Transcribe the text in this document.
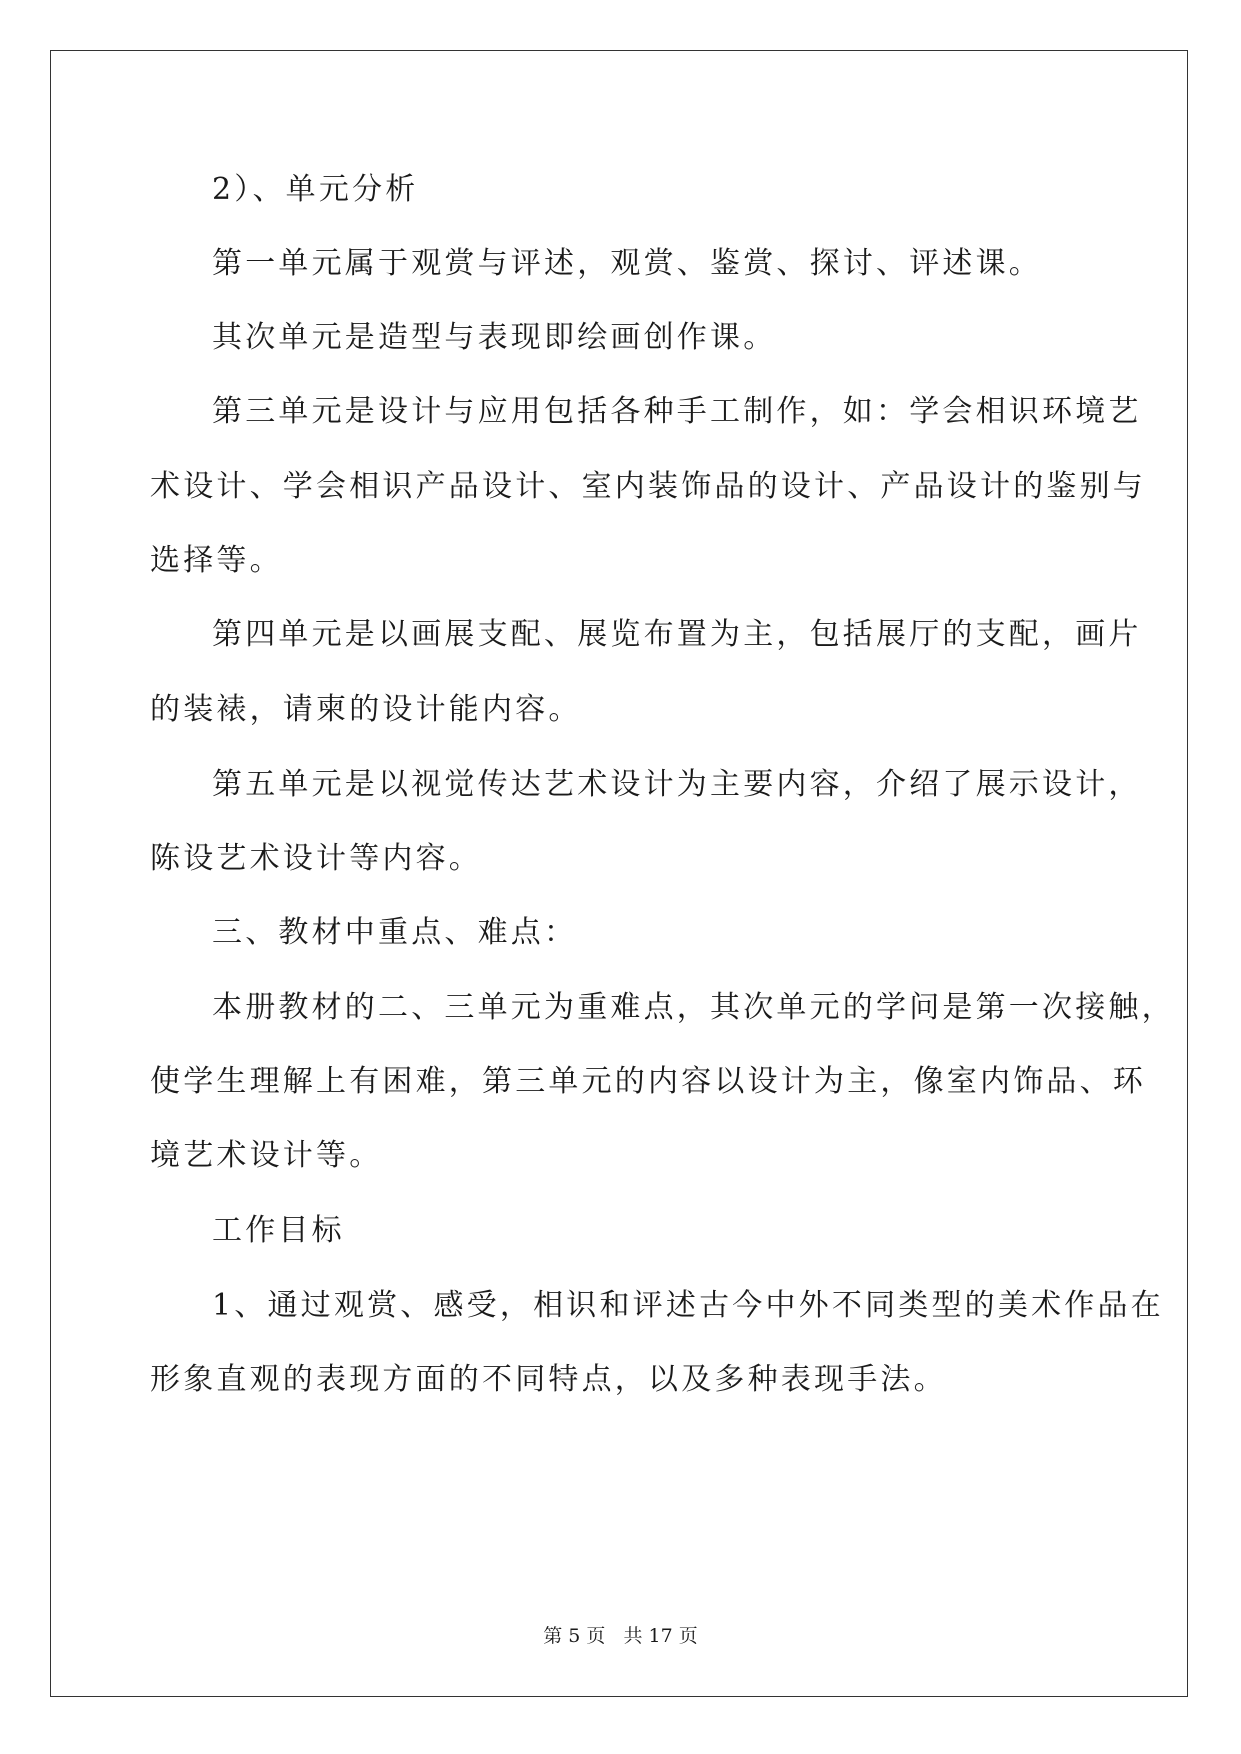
2）、单元分析
第一单元属于观赏与评述，观赏、鉴赏、探讨、评述课。
其次单元是造型与表现即绘画创作课。
第三单元是设计与应用包括各种手工制作，如：学会相识环境艺
术设计、学会相识产品设计、室内装饰品的设计、产品设计的鉴别与
选择等。
第四单元是以画展支配、展览布置为主，包括展厅的支配，画片
的装裱，请柬的设计能内容。
第五单元是以视觉传达艺术设计为主要内容，介绍了展示设计，
陈设艺术设计等内容。
三、教材中重点、难点：
本册教材的二、三单元为重难点，其次单元的学问是第一次接触，
使学生理解上有困难，第三单元的内容以设计为主，像室内饰品、环
境艺术设计等。
工作目标
1、通过观赏、感受，相识和评述古今中外不同类型的美术作品在
形象直观的表现方面的不同特点，以及多种表现手法。
第 5 页 共 17 页
